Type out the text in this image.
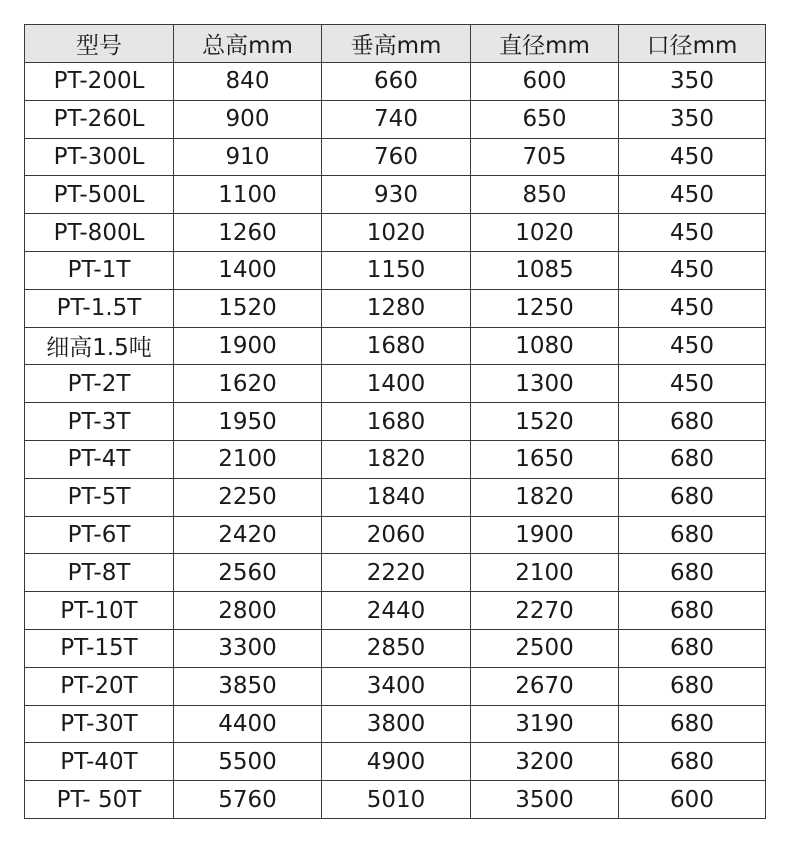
型号	总高mm	垂高mm	直径mm	口径mm
PT-200L	840	660	600	350
PT-260L	900	740	650	350
PT-300L	910	760	705	450
PT-500L	1100	930	850	450
PT-800L	1260	1020	1020	450
PT-1T	1400	1150	1085	450
PT-1.5T	1520	1280	1250	450
细高1.5吨	1900	1680	1080	450
PT-2T	1620	1400	1300	450
PT-3T	1950	1680	1520	680
PT-4T	2100	1820	1650	680
PT-5T	2250	1840	1820	680
PT-6T	2420	2060	1900	680
PT-8T	2560	2220	2100	680
PT-10T	2800	2440	2270	680
PT-15T	3300	2850	2500	680
PT-20T	3850	3400	2670	680
PT-30T	4400	3800	3190	680
PT-40T	5500	4900	3200	680
PT- 50T	5760	5010	3500	600
